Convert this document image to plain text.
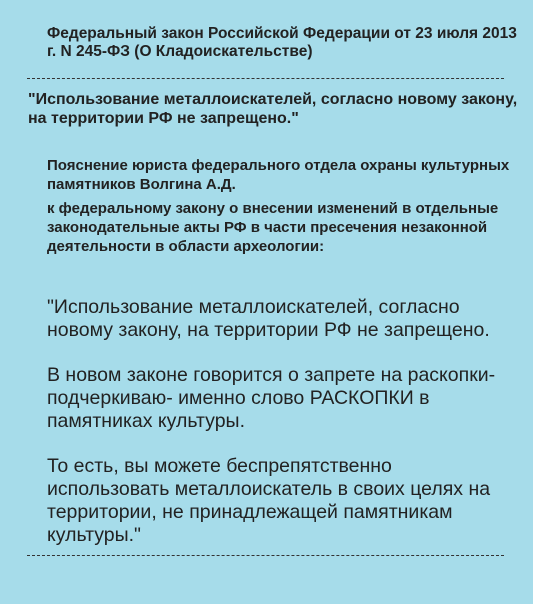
Федеральный закон Российской Федерации от 23 июля 2013 г. N 245-ФЗ (О Кладоискательстве)
"Использование металлоискателей, согласно новому закону, на территории РФ не запрещено."
Пояснение юриста федерального отдела охраны культурных памятников Волгина А.Д.
к федеральному закону о внесении изменений в отдельные законодательные акты РФ в части пресечения незаконной деятельности в области археологии:
"Использование металлоискателей, согласно новому закону, на территории РФ не запрещено.
В новом законе говорится о запрете на раскопки- подчеркиваю- именно слово РАСКОПКИ в памятниках культуры.
То есть, вы можете беспрепятственно использовать металлоискатель в своих целях на территории, не принадлежащей памятникам культуры."
